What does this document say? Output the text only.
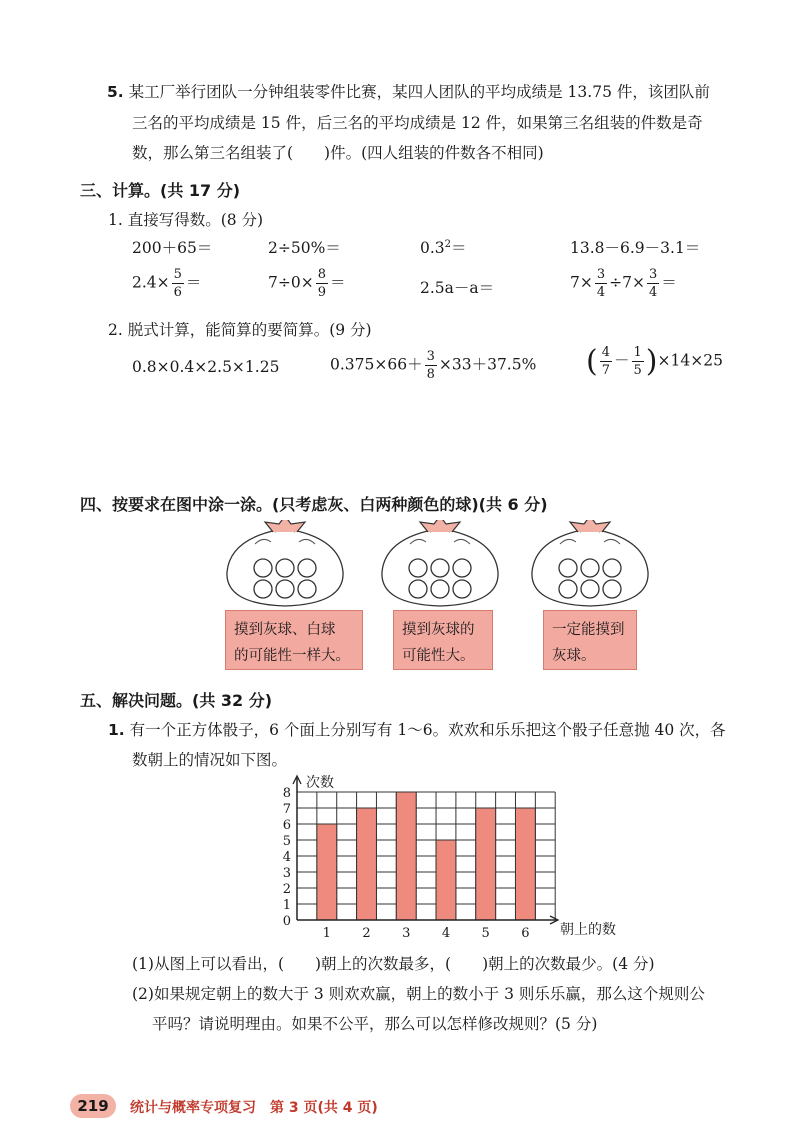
5. 某工厂举行团队一分钟组装零件比赛，某四人团队的平均成绩是 13.75 件，该团队前
三名的平均成绩是 15 件，后三名的平均成绩是 12 件，如果第三名组装的件数是奇
数，那么第三名组装了(　　)件。(四人组装的件数各不相同)
三、计算。(共 17 分)
1. 直接写得数。(8 分)
200＋65＝	2÷50%＝	$0.3^2=$	13.8－6.9－3.1＝
$2.4\times \frac{5}{6}$ ＝	$7\div 0\times \frac{8}{9}$ ＝	2.5a－a＝	$7\times \frac{3}{4} \div 7\times \frac{3}{4}$ ＝
2. 脱式计算，能简算的要简算。(9 分)
0.8×0.4×2.5×1.25	$0.375\times 66+ \frac{3}{8} \times 33+37.5\%$ ( $\frac{4}{7} - \frac{1}{5} )\times 14\times 25$
四、按要求在图中涂一涂。(只考虑灰、白两种颜色的球)(共 6 分)
摸到灰球、白球
的可能性一样大。
摸到灰球的
可能性大。
一定能摸到
灰球。
五、解决问题。(共 32 分)
1. 有一个正方体骰子，6 个面上分别写有 1～6。欢欢和乐乐把这个骰子任意抛 40 次，各
数朝上的情况如下图。
0
1
2
3
4
5
6
7
8
1 2 3 4 5 6
次数
朝上的数
(1)从图上可以看出，(　　)朝上的次数最多，(　　)朝上的次数最少。(4 分)
(2)如果规定朝上的数大于 3 则欢欢赢，朝上的数小于 3 则乐乐赢，那么这个规则公
平吗？请说明理由。如果不公平，那么可以怎样修改规则？(5 分)
219	统计与概率专项复习　第 3 页(共 4 页)
